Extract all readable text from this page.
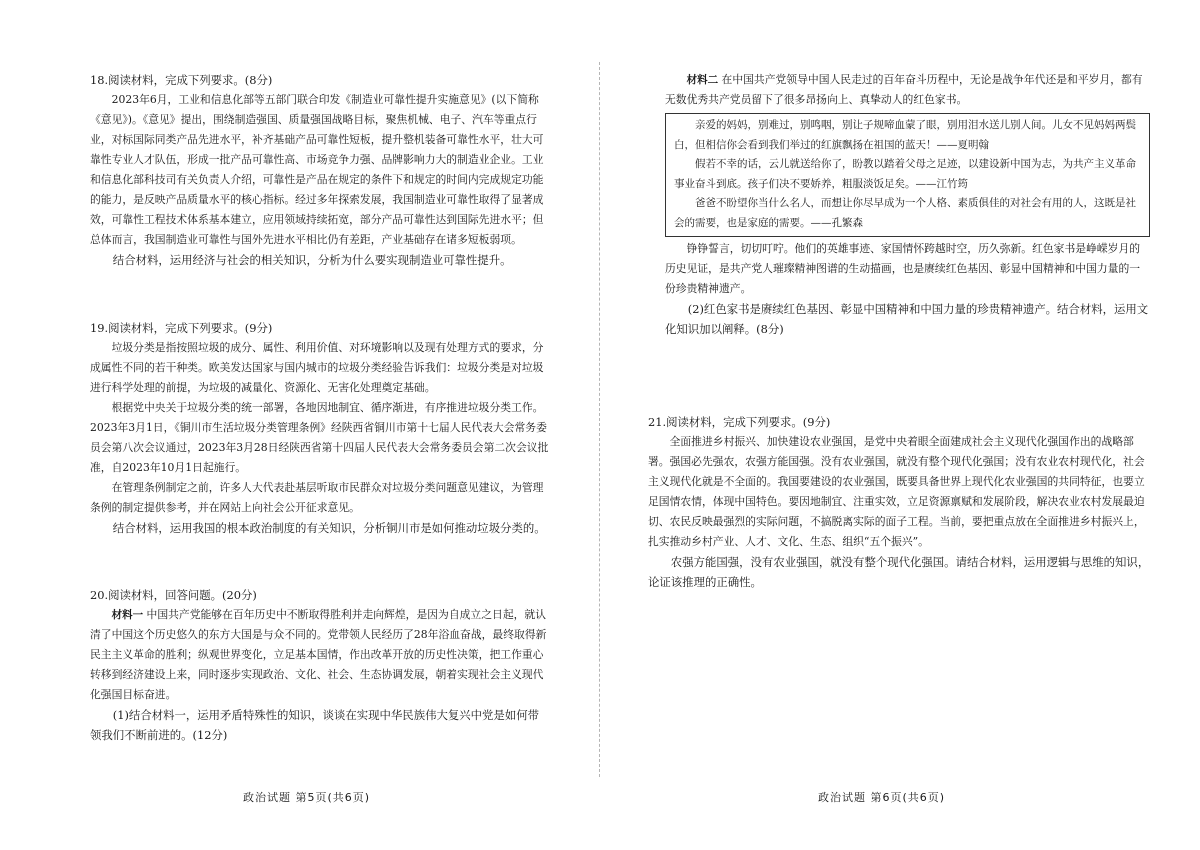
18.阅读材料，完成下列要求。(8分)

2023年6月，工业和信息化部等五部门联合印发《制造业可靠性提升实施意见》(以下简称《意见》)。《意见》提出，围绕制造强国、质量强国战略目标，聚焦机械、电子、汽车等重点行业，对标国际同类产品先进水平，补齐基础产品可靠性短板，提升整机装备可靠性水平，壮大可靠性专业人才队伍，形成一批产品可靠性高、市场竞争力强、品牌影响力大的制造业企业。工业和信息化部科技司有关负责人介绍，可靠性是产品在规定的条件下和规定的时间内完成规定功能的能力，是反映产品质量水平的核心指标。经过多年探索发展，我国制造业可靠性取得了显著成效，可靠性工程技术体系基本建立，应用领域持续拓宽，部分产品可靠性达到国际先进水平；但总体而言，我国制造业可靠性与国外先进水平相比仍有差距，产业基础存在诸多短板弱项。

结合材料，运用经济与社会的相关知识，分析为什么要实现制造业可靠性提升。

19.阅读材料，完成下列要求。(9分)

垃圾分类是指按照垃圾的成分、属性、利用价值、对环境影响以及现有处理方式的要求，分成属性不同的若干种类。欧美发达国家与国内城市的垃圾分类经验告诉我们：垃圾分类是对垃圾进行科学处理的前提，为垃圾的减量化、资源化、无害化处理奠定基础。

根据党中央关于垃圾分类的统一部署，各地因地制宜、循序渐进，有序推进垃圾分类工作。2023年3月1日，《铜川市生活垃圾分类管理条例》经陕西省铜川市第十七届人民代表大会常务委员会第八次会议通过，2023年3月28日经陕西省第十四届人民代表大会常务委员会第二次会议批准，自2023年10月1日起施行。

在管理条例制定之前，许多人大代表赴基层听取市民群众对垃圾分类问题意见建议，为管理条例的制定提供参考，并在网站上向社会公开征求意见。

结合材料，运用我国的根本政治制度的有关知识，分析铜川市是如何推动垃圾分类的。

20.阅读材料，回答问题。(20分)

材料一 中国共产党能够在百年历史中不断取得胜利并走向辉煌，是因为自成立之日起，就认清了中国这个历史悠久的东方大国是与众不同的。党带领人民经历了28年浴血奋战，最终取得新民主主义革命的胜利；纵观世界变化，立足基本国情，作出改革开放的历史性决策，把工作重心转移到经济建设上来，同时逐步实现政治、文化、社会、生态协调发展，朝着实现社会主义现代化强国目标奋进。

(1)结合材料一，运用矛盾特殊性的知识，谈谈在实现中华民族伟大复兴中党是如何带领我们不断前进的。(12分)

政治试题 第5页(共6页)

材料二 在中国共产党领导中国人民走过的百年奋斗历程中，无论是战争年代还是和平岁月，都有无数优秀共产党员留下了很多昂扬向上、真挚动人的红色家书。

亲爱的妈妈，别难过，别鸣咽，别让子规啼血蒙了眼，别用泪水送儿别人间。儿女不见妈妈两鬓白，但相信你会看到我们举过的红旗飘扬在祖国的蓝天！——夏明翰

假若不幸的话，云儿就送给你了，盼教以踏着父母之足迹，以建设新中国为志，为共产主义革命事业奋斗到底。孩子们决不要娇养，粗服淡饭足矣。——江竹筠

爸爸不盼望你当什么名人，而想让你尽早成为一个人格、素质俱佳的对社会有用的人，这既是社会的需要，也是家庭的需要。——孔繁森

铮铮誓言，切切叮咛。他们的英雄事迹、家国情怀跨越时空，历久弥新。红色家书是峥嵘岁月的历史见证，是共产党人璀璨精神图谱的生动描画，也是赓续红色基因、彰显中国精神和中国力量的一份珍贵精神遗产。

(2)红色家书是赓续红色基因、彰显中国精神和中国力量的珍贵精神遗产。结合材料，运用文化知识加以阐释。(8分)

21.阅读材料，完成下列要求。(9分)

全面推进乡村振兴、加快建设农业强国，是党中央着眼全面建成社会主义现代化强国作出的战略部署。强国必先强农，农强方能国强。没有农业强国，就没有整个现代化强国；没有农业农村现代化，社会主义现代化就是不全面的。我国要建设的农业强国，既要具备世界上现代化农业强国的共同特征，也要立足国情农情，体现中国特色。要因地制宜、注重实效，立足资源禀赋和发展阶段，解决农业农村发展最迫切、农民反映最强烈的实际问题，不搞脱离实际的面子工程。当前，要把重点放在全面推进乡村振兴上，扎实推动乡村产业、人才、文化、生态、组织“五个振兴”。

农强方能国强，没有农业强国，就没有整个现代化强国。请结合材料，运用逻辑与思维的知识，论证该推理的正确性。

政治试题 第6页(共6页)
